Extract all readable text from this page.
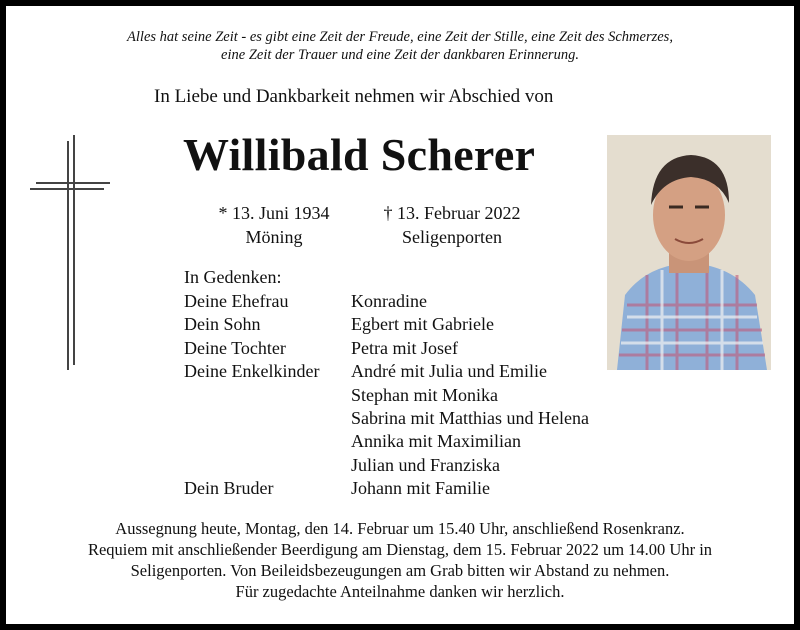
Alles hat seine Zeit - es gibt eine Zeit der Freude, eine Zeit der Stille, eine Zeit des Schmerzes,
eine Zeit der Trauer und eine Zeit der dankbaren Erinnerung.
In Liebe und Dankbarkeit nehmen wir Abschied von
Willibald Scherer
* 13. Juni 1934
Möning
† 13. Februar 2022
Seligenporten
In Gedenken:
Deine Ehefrau	Konradine
Dein Sohn	Egbert mit Gabriele
Deine Tochter	Petra mit Josef
Deine Enkelkinder André mit Julia und Emilie
Stephan mit Monika
Sabrina mit Matthias und Helena
Annika mit Maximilian
Julian und Franziska
Dein Bruder	Johann mit Familie
Aussegnung heute, Montag, den 14. Februar um 15.40 Uhr, anschließend Rosenkranz.
Requiem mit anschließender Beerdigung am Dienstag, dem 15. Februar 2022 um 14.00 Uhr in
Seligenporten. Von Beileidsbezeugungen am Grab bitten wir Abstand zu nehmen.
Für zugedachte Anteilnahme danken wir herzlich.
